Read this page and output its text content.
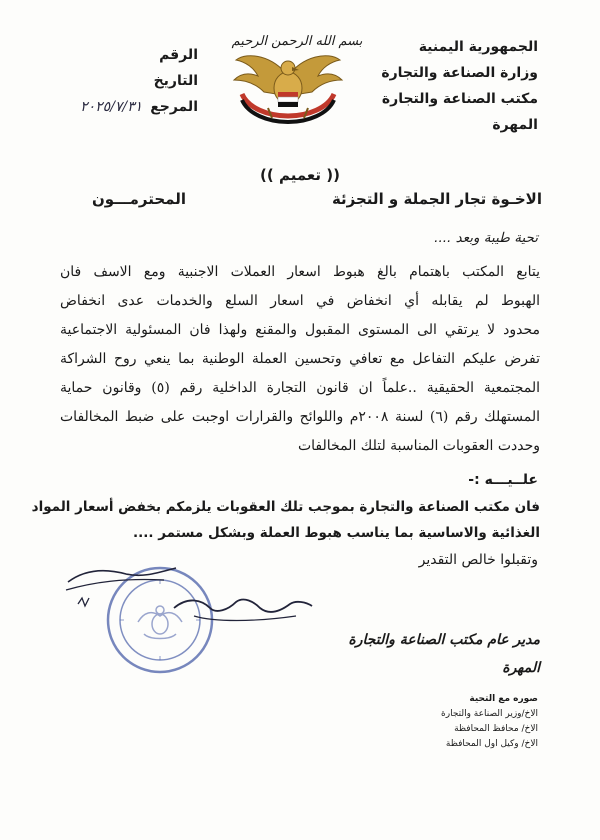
بسم الله الرحمن الرحيم	الجمهورية اليمنية
وزارة الصناعة والتجارة
مكتب الصناعة والتجارة
المهرة
الرقم
التاريخ
٢٠٢٥/٧/٣١ المرجع
(( تعميم ))
الاخـوة تجار الجملة و التجزئة
المحترمـــون
تحية طيبة وبعد ....
يتابع المكتب باهتمام بالغ هبوط اسعار العملات الاجنبية ومع الاسف فان
الهبوط لم يقابله أي انخفاض في اسعار السلع والخدمات عدى انخفاض
محدود لا يرتقي الى المستوى المقبول والمقنع ولهذا فان المسئولية الاجتماعية
تفرض عليكم التفاعل مع تعافي وتحسين العملة الوطنية بما ينعي روح الشراكة
المجتمعية الحقيقية ..علماً ان قانون التجارة الداخلية رقم (٥) وقانون حماية
المستهلك رقم (٦) لسنة ٢٠٠٨م واللوائح والقرارات اوجبت على ضبط المخالفات
وحددت العقوبات المناسبة لتلك المخالفات
علــيـــه :-
فان مكتب الصناعة والتجارة بموجب تلك العقوبات يلزمكم بخفض أسعار المواد
الغذائية والاساسية بما يناسب هبوط العملة وبشكل مستمر ....
وتقبلوا خالص التقدير
مدير عام مكتب الصناعة والتجارة
المهرة
صوره مع التحية
الاخ/وزير الصناعة والتجارة
الاخ/ محافظ المحافظة
الاخ/ وكيل اول المحافظة
